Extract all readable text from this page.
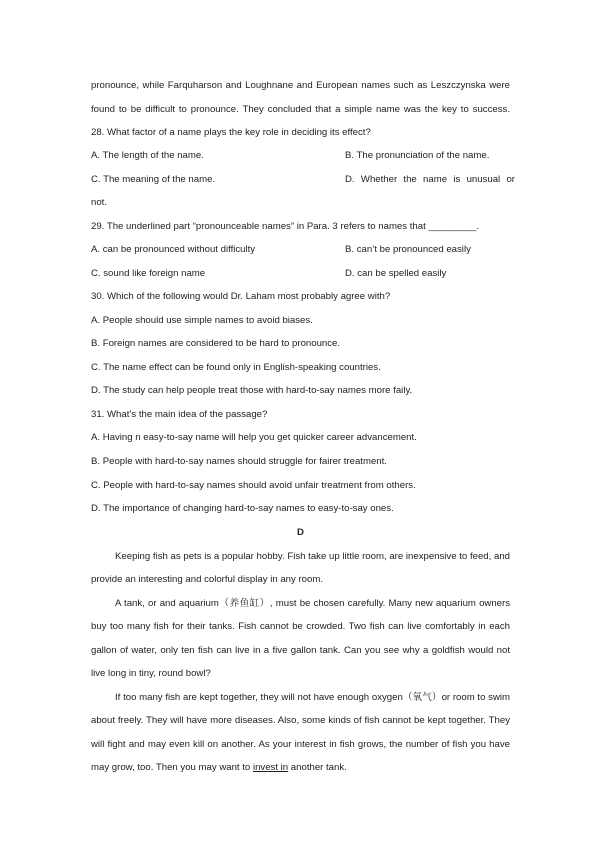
pronounce, while Farquharson and Loughnane and European names such as Leszczynska were
found to be difficult to pronounce. They concluded that a simple name was the key to success.
28. What factor of a name plays the key role in deciding its effect?
A. The length of the name.	B. The pronunciation of the name.
C. The meaning of the name.	D. Whether the name is unusual or
not.
29. The underlined part “pronounceable names” in Para. 3 refers to names that _________.
A. can be pronounced without difficulty	B. can’t be pronounced easily
C. sound like foreign name	D. can be spelled easily
30. Which of the following would Dr. Laham most probably agree with?
A. People should use simple names to avoid biases.
B. Foreign names are considered to be hard to pronounce.
C. The name effect can be found only in English-speaking countries.
D. The study can help people treat those with hard-to-say names more faily.
31. What’s the main idea of the passage?
A. Having n easy-to-say name will help you get quicker career advancement.
B. People with hard-to-say names should struggle for fairer treatment.
C. People with hard-to-say names should avoid unfair treatment from others.
D. The importance of changing hard-to-say names to easy-to-say ones.
D
Keeping fish as pets is a popular hobby. Fish take up little room, are inexpensive to feed, and
provide an interesting and colorful display in any room.
A tank, or and aquarium（养鱼缸）, must be chosen carefully. Many new aquarium owners
buy too many fish for their tanks. Fish cannot be crowded. Two fish can live comfortably in each
gallon of water, only ten fish can live in a five gallon tank. Can you see why a goldfish would not
live long in tiny, round bowl?
If too many fish are kept together, they will not have enough oxygen（氧气）or room to swim
about freely. They will have more diseases. Also, some kinds of fish cannot be kept together. They
will fight and may even kill on another. As your interest in fish grows, the number of fish you have
may grow, too. Then you may want to invest in another tank.
